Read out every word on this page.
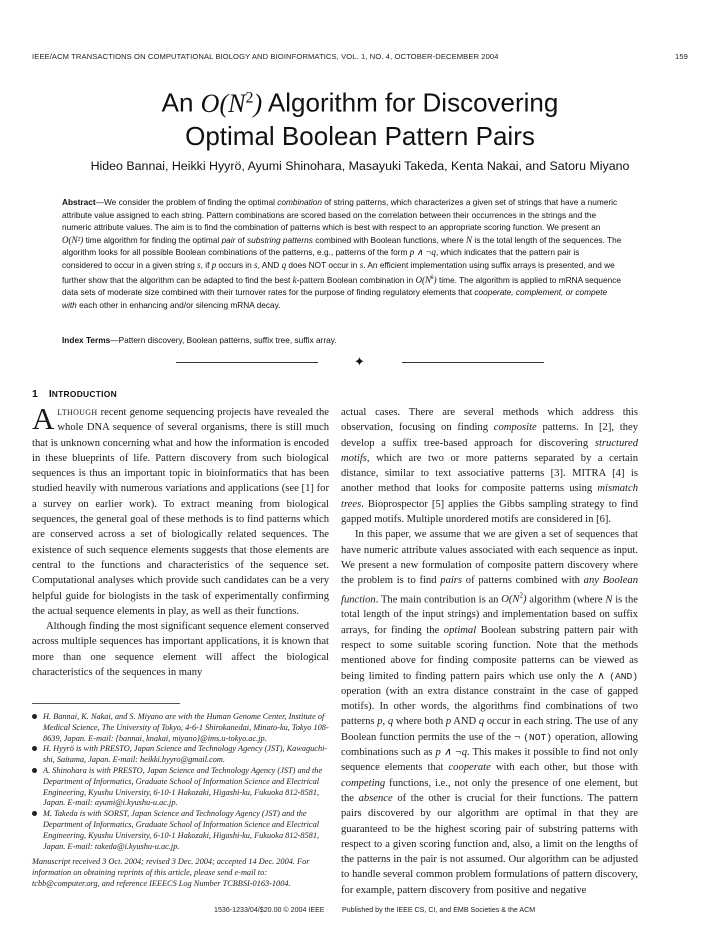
IEEE/ACM TRANSACTIONS ON COMPUTATIONAL BIOLOGY AND BIOINFORMATICS, VOL. 1, NO. 4, OCTOBER-DECEMBER 2004	159
An $O(N^2)$ Algorithm for Discovering
Optimal Boolean Pattern Pairs
Hideo Bannai, Heikki Hyyrö, Ayumi Shinohara, Masayuki Takeda, Kenta Nakai, and Satoru Miyano
Abstract—We consider the problem of finding the optimal combination of string patterns, which characterizes a given set of strings that have a numeric attribute value assigned to each string. Pattern combinations are scored based on the correlation between their occurrences in the strings and the numeric attribute values. The aim is to find the combination of patterns which is best with respect to an appropriate scoring function. We present an O(N²) time algorithm for finding the optimal pair of substring patterns combined with Boolean functions, where N is the total length of the sequences. The algorithm looks for all possible Boolean combinations of the patterns, e.g., patterns of the form p ∧ ¬q, which indicates that the pattern pair is considered to occur in a given string s, if p occurs in s, AND q does NOT occur in s. An efficient implementation using suffix arrays is presented, and we further show that the algorithm can be adapted to find the best k-pattern Boolean combination in $O(N^k)$ time. The algorithm is applied to mRNA sequence data sets of moderate size combined with their turnover rates for the purpose of finding regulatory elements that cooperate, complement, or compete with each other in enhancing and/or silencing mRNA decay.
Index Terms—Pattern discovery, Boolean patterns, suffix tree, suffix array.
✦
1 INTRODUCTION

ALTHOUGH recent genome sequencing projects have revealed the whole DNA sequence of several organisms, there is still much that is unknown concerning what and how the information is encoded in these blueprints of life. Pattern discovery from such biological sequences is thus an important topic in bioinformatics that has been studied heavily with numerous variations and applications (see [1] for a survey on earlier work). To extract meaning from biological sequences, the general goal of these methods is to find patterns which are conserved across a set of biologically related sequences. The existence of such sequence elements suggests that those elements are central to the functions and characteristics of the sequence set. Computational analyses which provide such candidates can be a very helpful guide for biologists in the task of experimentally confirming the actual sequence elements in play, as well as their functions.

Although finding the most significant sequence element conserved across multiple sequences has important applications, it is known that more than one sequence element will affect the biological characteristics of the sequences in many

H. Bannai, K. Nakai, and S. Miyano are with the Human Genome Center, Institute of Medical Science, The University of Tokyo, 4-6-1 Shirokanedai, Minato-ku, Tokyo 108-8639, Japan. E-mail: {bannai, knakai, miyano}@ims.u-tokyo.ac.jp.
H. Hyyrö is with PRESTO, Japan Science and Technology Agency (JST), Kawaguchi-shi, Saitama, Japan. E-mail: heikki.hyyro@gmail.com.
A. Shinohara is with PRESTO, Japan Science and Technology Agency (JST) and the Department of Informatics, Graduate School of Information Science and Electrical Engineering, Kyushu University, 6-10-1 Hakozaki, Higashi-ku, Fukuoka 812-8581, Japan. E-mail: ayumi@i.kyushu-u.ac.jp.
M. Takeda is with SORST, Japan Science and Technology Agency (JST) and the Department of Informatics, Graduate School of Information Science and Electrical Engineering, Kyushu University, 6-10-1 Hakozaki, Higashi-ku, Fukuoka 812-8581, Japan. E-mail: takeda@i.kyushu-u.ac.jp.
Manuscript received 3 Oct. 2004; revised 3 Dec. 2004; accepted 14 Dec. 2004. For information on obtaining reprints of this article, please send e-mail to: tcbb@computer.org, and reference IEEECS Log Number TCBBSI-0163-1004.

actual cases. There are several methods which address this observation, focusing on finding composite patterns. In [2], they develop a suffix tree-based approach for discovering structured motifs, which are two or more patterns separated by a certain distance, similar to text associative patterns [3]. MITRA [4] is another method that looks for composite patterns using mismatch trees. Bioprospector [5] applies the Gibbs sampling strategy to find gapped motifs. Multiple unordered motifs are considered in [6].

In this paper, we assume that we are given a set of sequences that have numeric attribute values associated with each sequence as input. We present a new formulation of composite pattern discovery where the problem is to find pairs of patterns combined with any Boolean function. The main contribution is an $O(N^2)$ algorithm (where N is the total length of the input strings) and implementation based on suffix arrays, for finding the optimal Boolean substring pattern pair with respect to some suitable scoring function. Note that the methods mentioned above for finding composite patterns can be viewed as being limited to finding pattern pairs which use only the ∧ (AND) operation (with an extra distance constraint in the case of gapped motifs). In other words, the algorithms find combinations of two patterns p, q where both p AND q occur in each string. The use of any Boolean function permits the use of the ¬ (NOT) operation, allowing combinations such as p ∧ ¬q. This makes it possible to find not only sequence elements that cooperate with each other, but those with competing functions, i.e., not only the presence of one element, but the absence of the other is crucial for their functions. The pattern pairs discovered by our algorithm are optimal in that they are guaranteed to be the highest scoring pair of substring patterns with respect to a given scoring function and, also, a limit on the lengths of the patterns in the pair is not assumed. Our algorithm can be adjusted to handle several common problem formulations of pattern discovery, for example, pattern discovery from positive and negative

1536-1233/04/$20.00 © 2004 IEEE Published by the IEEE CS, CI, and EMB Societies & the ACM
